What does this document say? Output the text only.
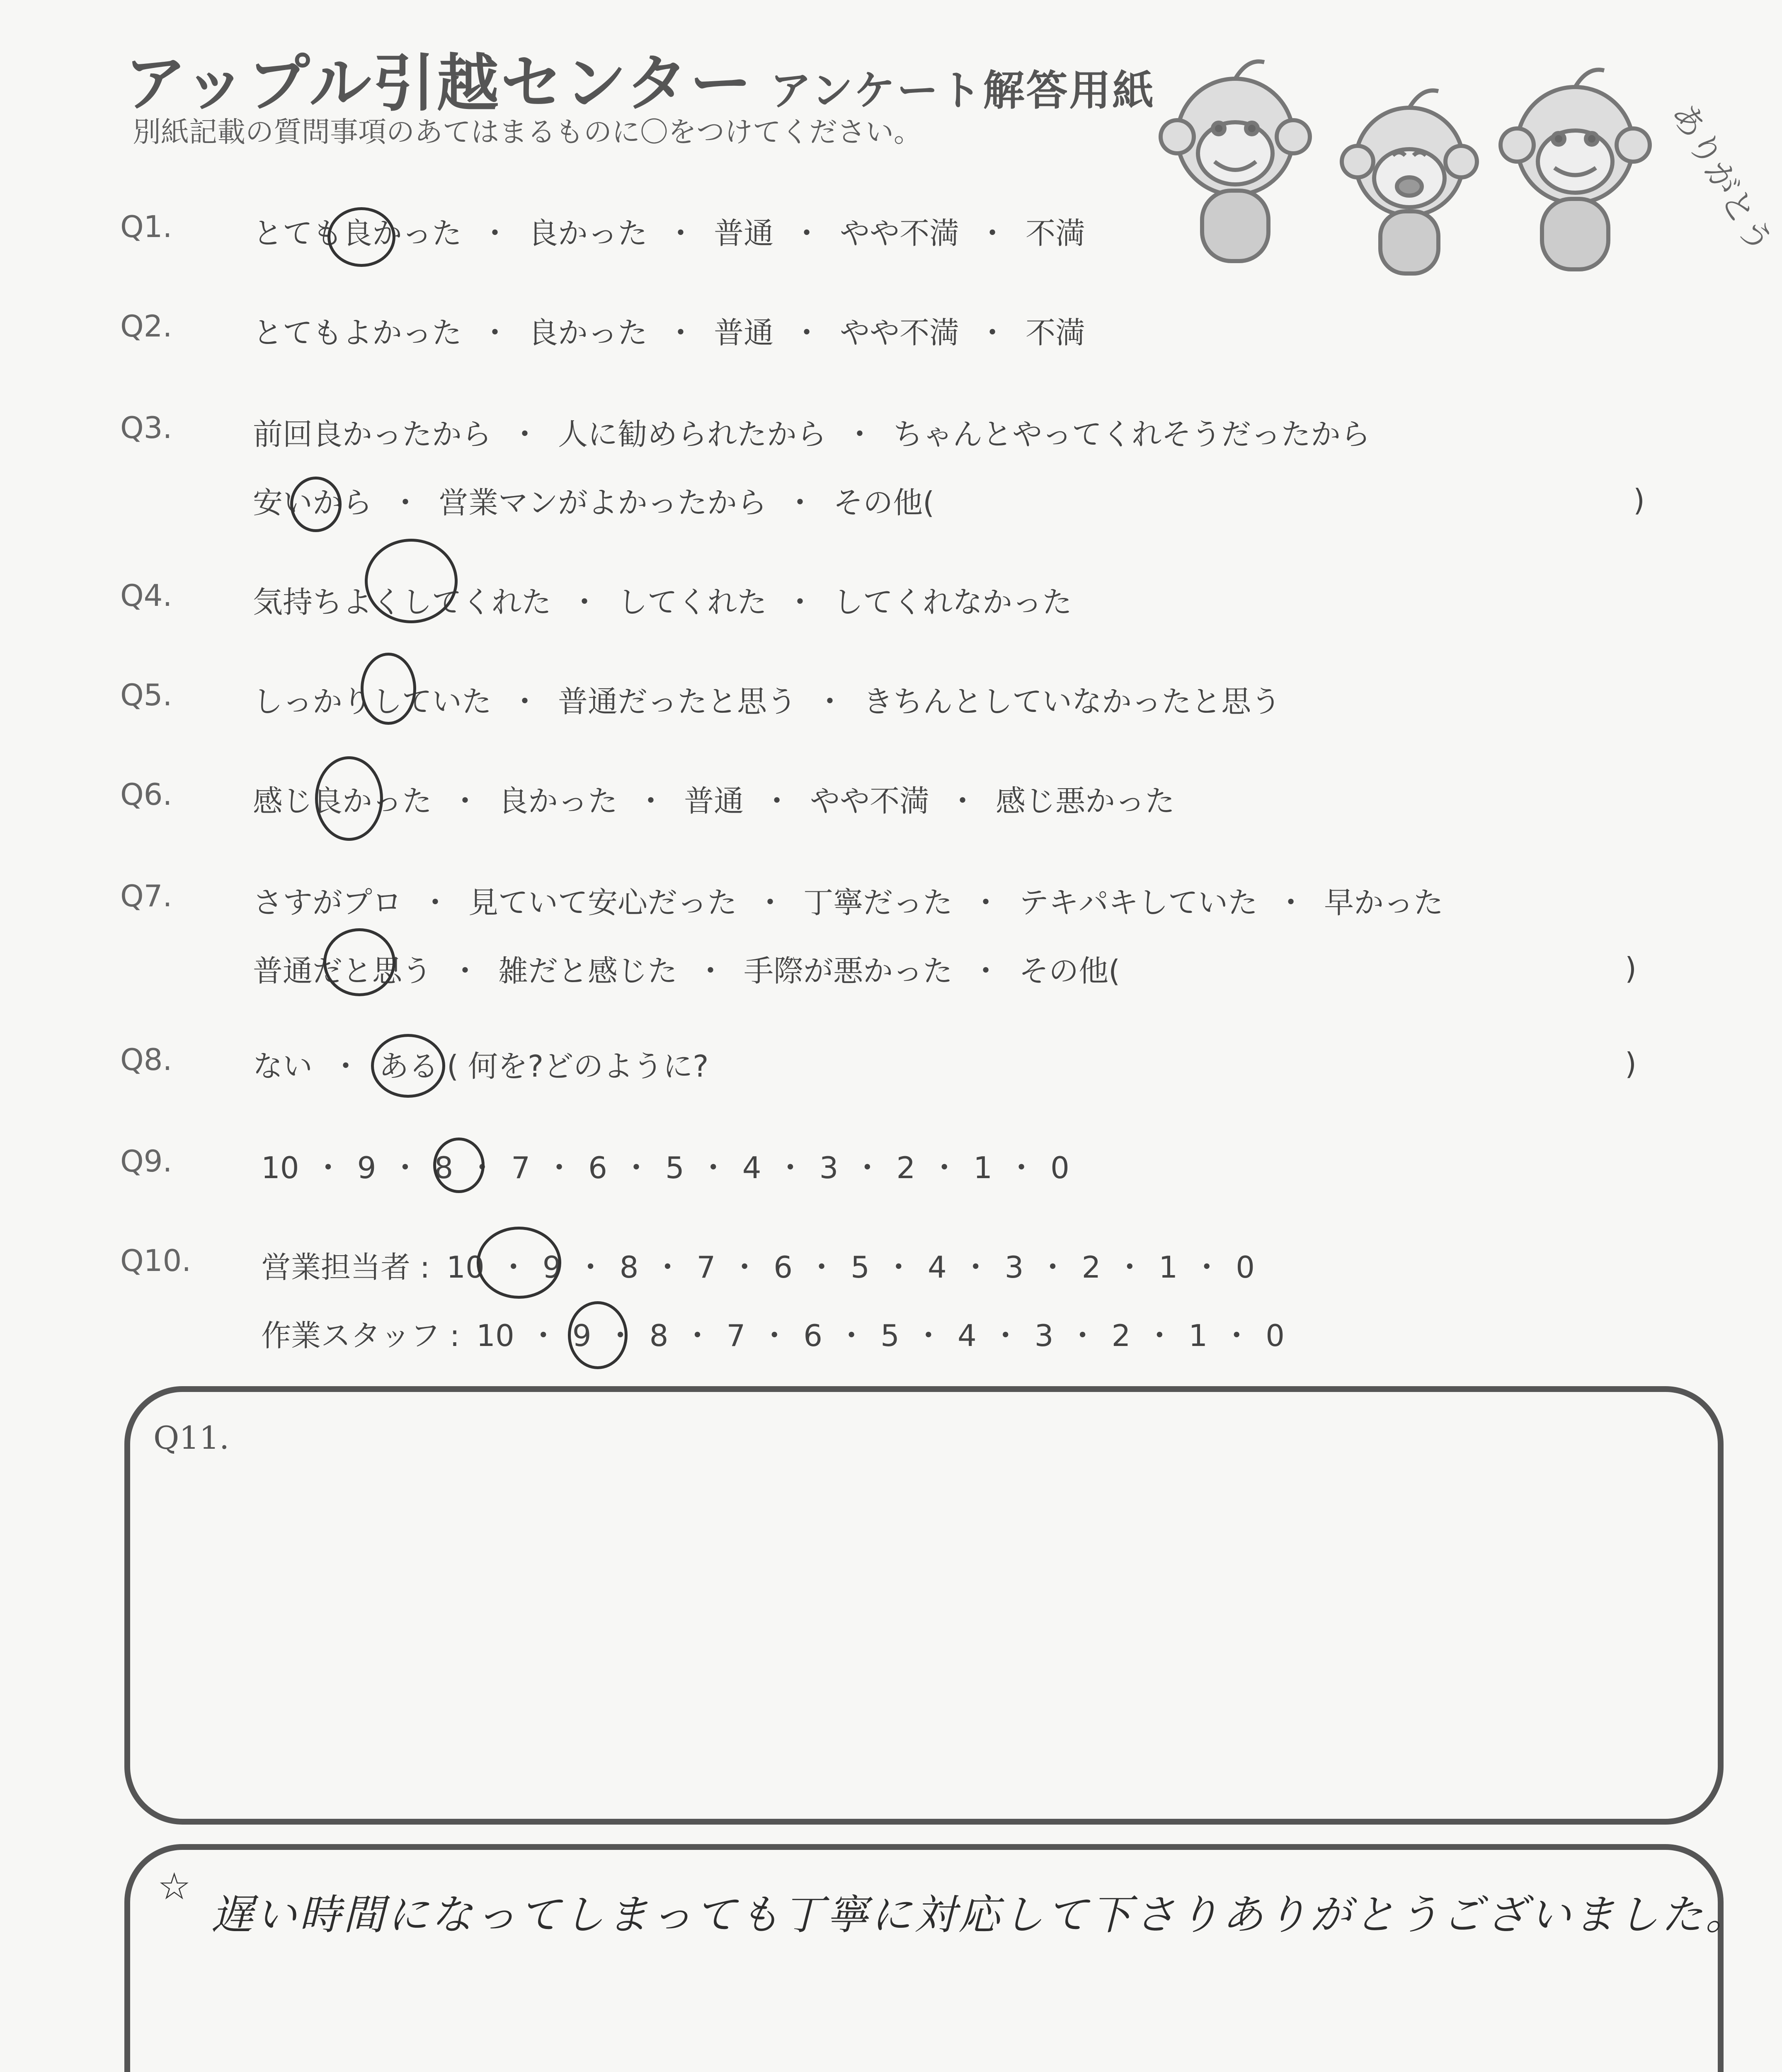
アップル引越センター アンケート解答用紙
別紙記載の質問事項のあてはまるものに〇をつけてください。	ありがとう
Q1.	とても良かった ・ 良かった ・ 普通 ・ やや不満 ・ 不満
Q2.	とてもよかった ・ 良かった ・ 普通 ・ やや不満 ・ 不満
Q3.	前回良かったから ・ 人に勧められたから ・ ちゃんとやってくれそうだったから
安いから ・ 営業マンがよかったから ・ その他(	)
Q4.	気持ちよくしてくれた ・ してくれた ・ してくれなかった
Q5.	しっかりしていた ・ 普通だったと思う ・ きちんとしていなかったと思う
Q6.	感じ良かった ・ 良かった ・ 普通 ・ やや不満 ・ 感じ悪かった
Q7.	さすがプロ ・ 見ていて安心だった ・ 丁寧だった ・ テキパキしていた ・ 早かった
普通だと思う ・ 雑だと感じた ・ 手際が悪かった ・ その他(	)
Q8.	ない ・ ある ( 何を?どのように?	)
Q9.	10 ・ 9 ・ 8 ・ 7 ・ 6 ・ 5 ・ 4 ・ 3 ・ 2 ・ 1 ・ 0
Q10. 営業担当者 : 10 ・ 9 ・ 8 ・ 7 ・ 6 ・ 5 ・ 4 ・ 3 ・ 2 ・ 1 ・ 0
作業スタッフ : 10 ・ 9 ・ 8 ・ 7 ・ 6 ・ 5 ・ 4 ・ 3 ・ 2 ・ 1 ・ 0
Q11.
☆
遅い時間になってしまっても丁寧に対応して下さりありがとうございました。
